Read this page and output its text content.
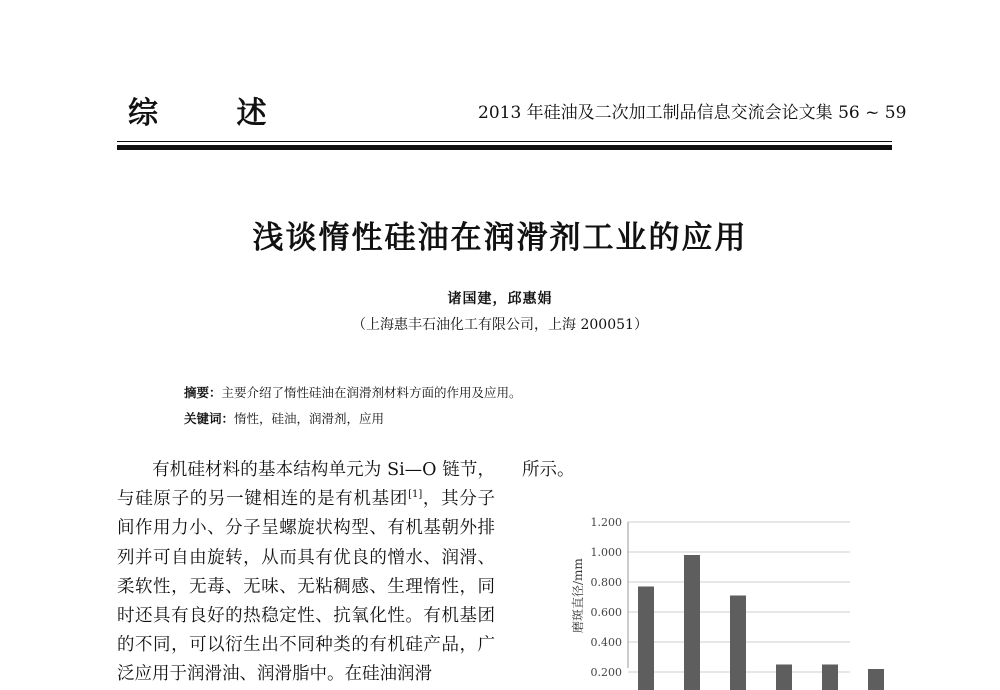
综 述	2013 年硅油及二次加工制品信息交流会论文集 56 ~ 59
浅谈惰性硅油在润滑剂工业的应用
诸国建，邱惠娟
（上海惠丰石油化工有限公司，上海 200051）
摘要：主要介绍了惰性硅油在润滑剂材料方面的作用及应用。
关键词：惰性，硅油，润滑剂，应用

有机硅材料的基本结构单元为 Si—O 链节，与硅原子的另一键相连的是有机基团[1]，其分子间作用力小、分子呈螺旋状构型、有机基朝外排列并可自由旋转，从而具有优良的憎水、润滑、柔软性，无毒、无味、无粘稠感、生理惰性，同时还具有良好的热稳定性、抗氧化性。有机基团的不同，可以衍生出不同种类的有机硅产品，广泛应用于润滑油、润滑脂中。在硅油润滑

所示。
0.200
0.400
0.600
0.800
1.000
1.200
磨斑直径/mm
